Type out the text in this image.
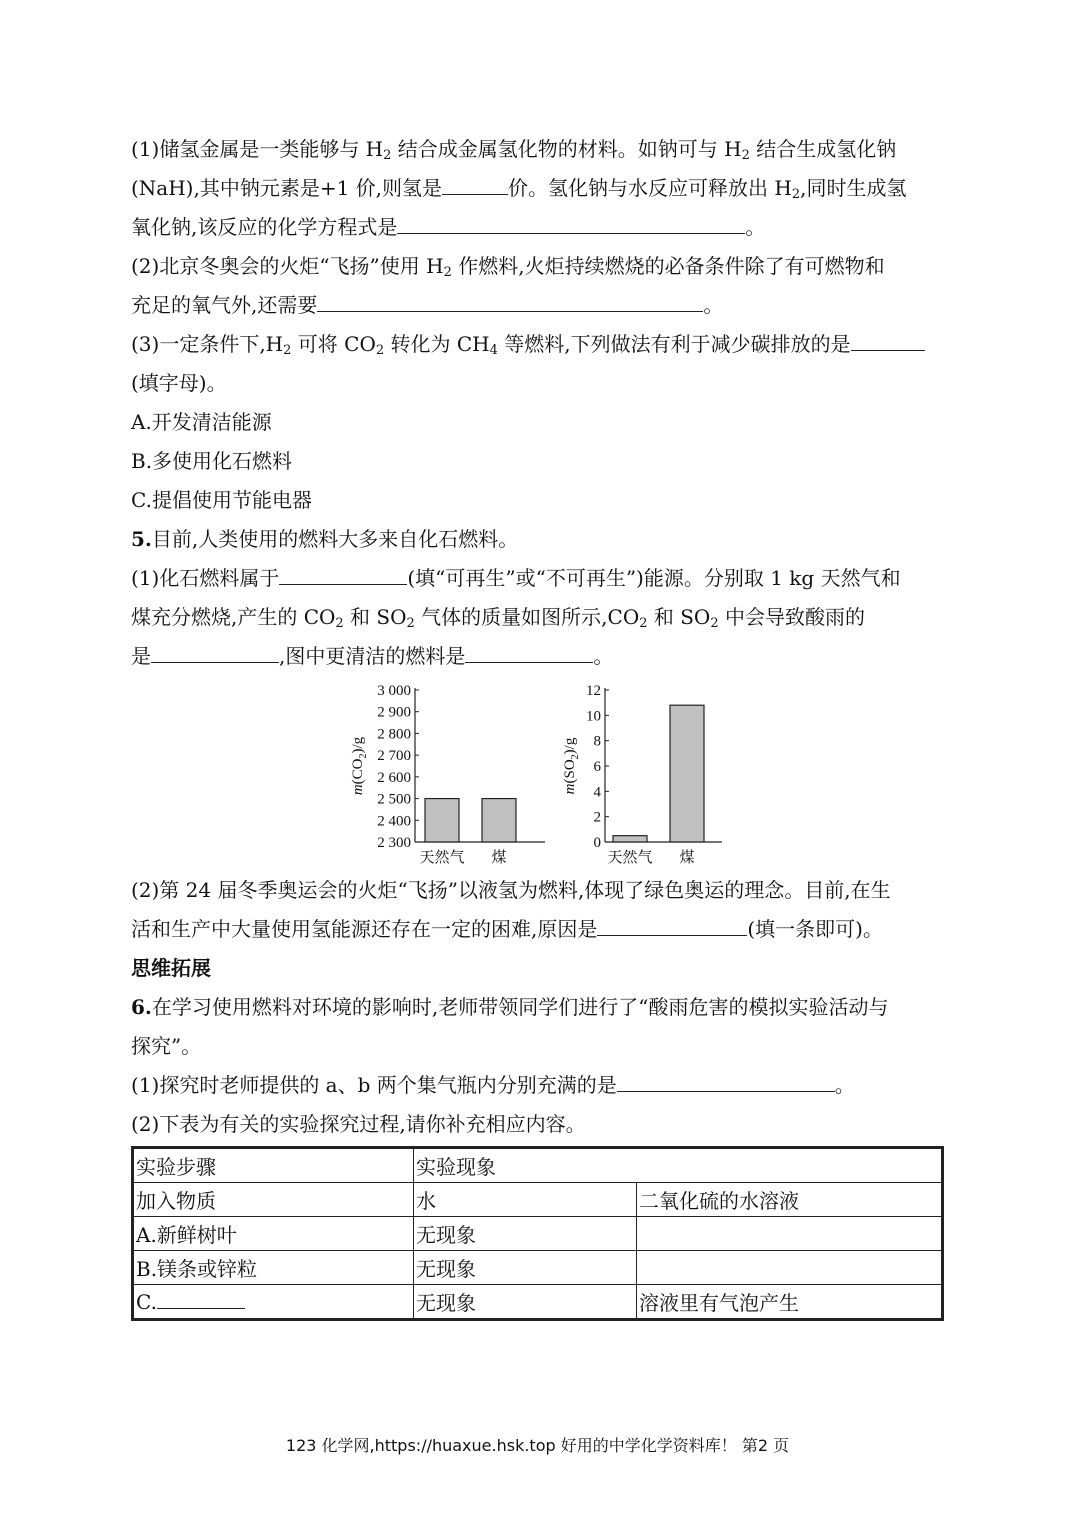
(1)储氢金属是一类能够与 $H_2$ 结合成金属氢化物的材料。如钠可与 $H_2$ 结合生成氢化钠
(NaH),其中钠元素是+1 价,则氢是	价。氢化钠与水反应可释放出 $H_2$,同时生成氢
氧化钠,该反应的化学方程式是	。
(2)北京冬奥会的火炬“飞扬”使用 $H_2$ 作燃料,火炬持续燃烧的必备条件除了有可燃物和
充足的氧气外,还需要	。
(3)一定条件下$,H_2$ 可将 $CO_2$ 转化为 $CH_4$ 等燃料,下列做法有利于减少碳排放的是
(填字母)。
A.开发清洁能源
B.多使用化石燃料
C.提倡使用节能电器
5.目前,人类使用的燃料大多来自化石燃料。
(1)化石燃料属于	(填“可再生”或“不可再生”)能源。分别取 1 kg 天然气和
煤充分燃烧,产生的 $CO_2$ 和 $SO_2$ 气体的质量如图所示$,CO_2$ 和 $SO_2$ 中会导致酸雨的
是	,图中更清洁的燃料是	。
2 300
2 400
2 500
2 600
2 700
2 800
2 900
3 000
$m(CO_2)/g$
天然气 煤
0
2
4
6
8
10
12
$m(SO_2)/g$
天然气 煤
(2)第 24 届冬季奥运会的火炬“飞扬”以液氢为燃料,体现了绿色奥运的理念。目前,在生
活和生产中大量使用氢能源还存在一定的困难,原因是	(填一条即可)。
思维拓展
6.在学习使用燃料对环境的影响时,老师带领同学们进行了“酸雨危害的模拟实验活动与
探究”。
(1)探究时老师提供的 a、b 两个集气瓶内分别充满的是	。
(2)下表为有关的实验探究过程,请你补充相应内容。
实验步骤	实验现象	
加入物质	水	二氧化硫的水溶液
A.新鲜树叶	无现象	
B.镁条或锌粒	无现象	
C.	无现象	溶液里有气泡产生
123 化学网,https://huaxue.hsk.top 好用的中学化学资料库！ 第2 页
